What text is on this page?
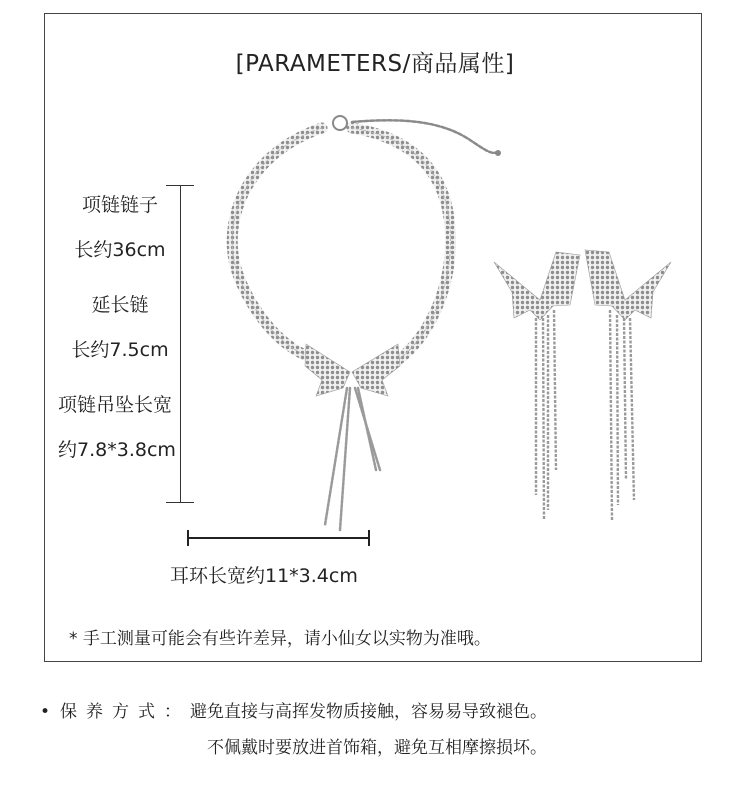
[PARAMETERS/商品属性]
项链链子
长约36cm
延长链
长约7.5cm
项链吊坠长宽
约7.8*3.8cm
耳环长宽约11*3.4cm
* 手工测量可能会有些许差异，请小仙女以实物为准哦。
• 保养方式：避免直接与高挥发物质接触，容易易导致褪色。
不佩戴时要放进首饰箱，避免互相摩擦损坏。
